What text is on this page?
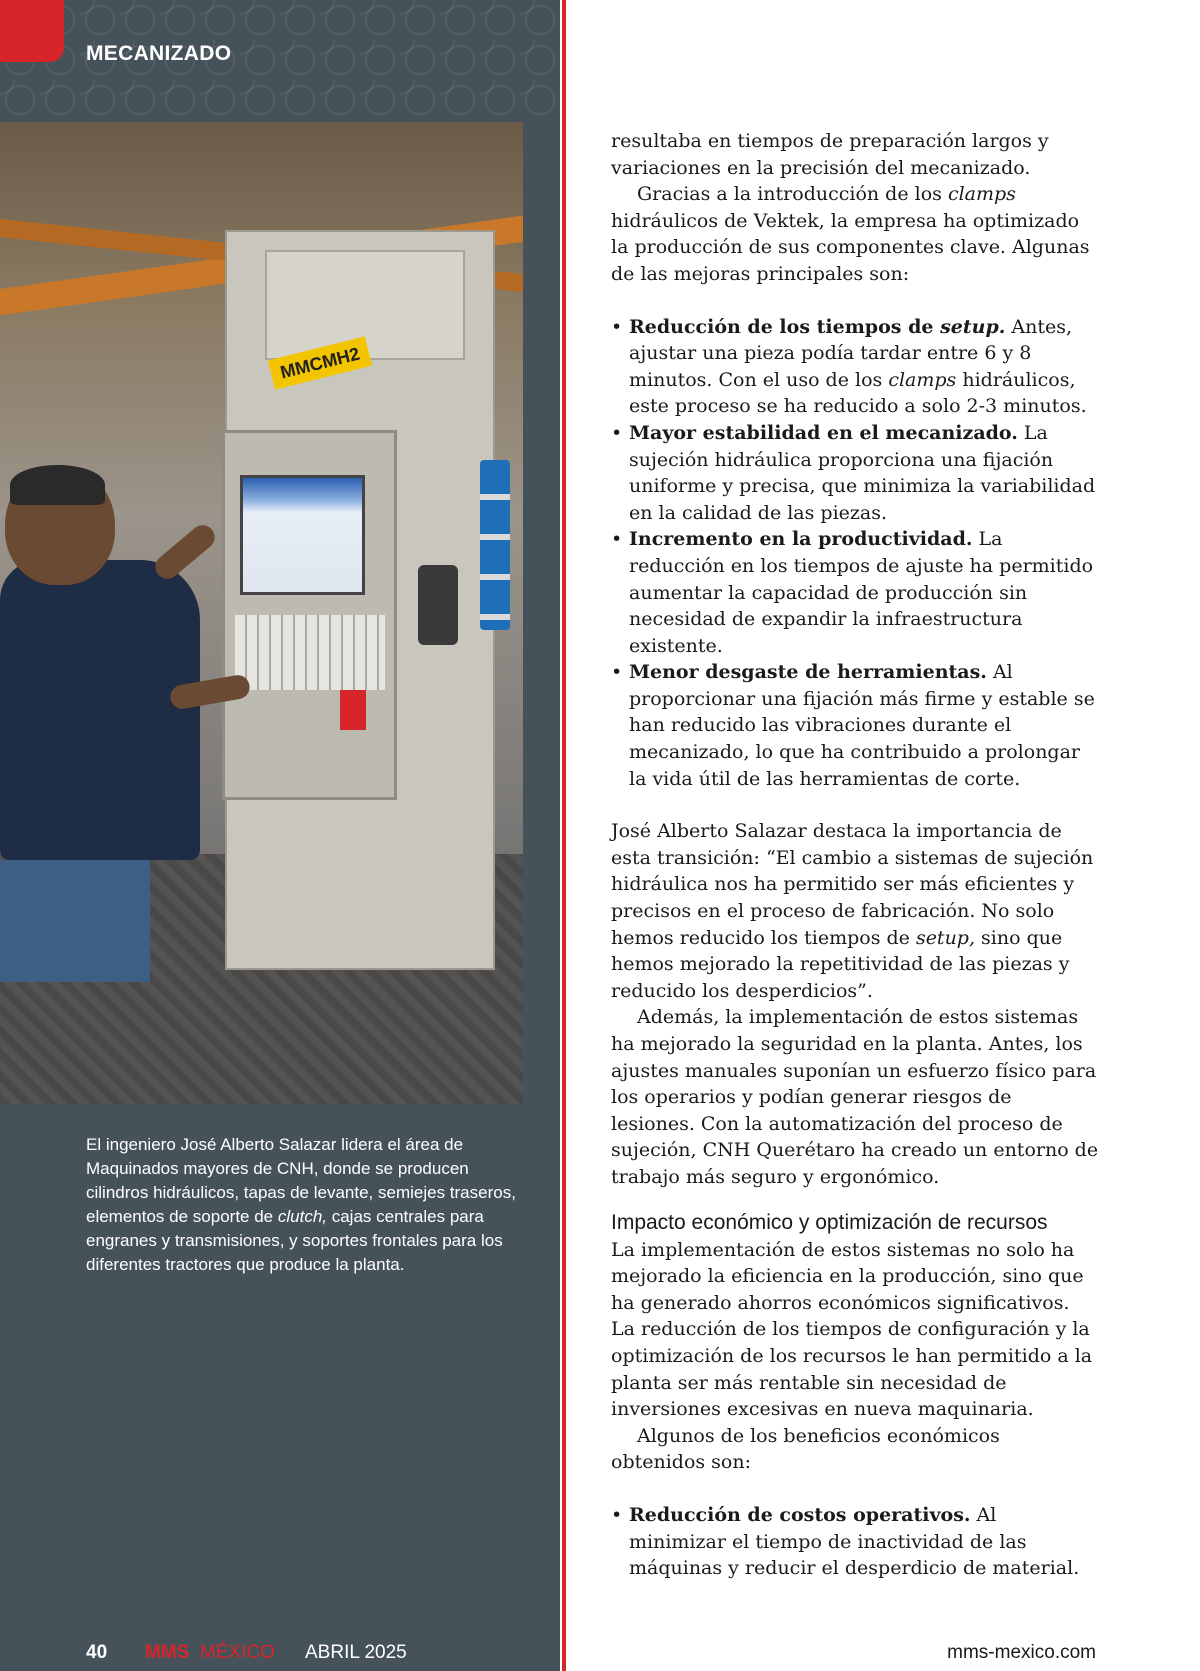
MECANIZADO
MMCMH2
El ingeniero José Alberto Salazar lidera el área de Maquinados mayores de CNH, donde se producen cilindros hidráulicos, tapas de levante, semiejes traseros, elementos de soporte de clutch, cajas centrales para engranes y transmisiones, y soportes frontales para los diferentes tractores que produce la planta.

resultaba en tiempos de preparación largos y variaciones en la precisión del mecanizado.

Gracias a la introducción de los clamps hidráulicos de Vektek, la empresa ha optimizado la producción de sus componentes clave. Algunas de las mejoras principales son:

• Reducción de los tiempos de setup. Antes, ajustar una pieza podía tardar entre 6 y 8 minutos. Con el uso de los clamps hidráulicos, este proceso se ha reducido a solo 2-3 minutos.
• Mayor estabilidad en el mecanizado. La sujeción hidráulica proporciona una fijación uniforme y precisa, que minimiza la variabilidad en la calidad de las piezas.
• Incremento en la productividad. La reducción en los tiempos de ajuste ha permitido aumentar la capacidad de producción sin necesidad de expandir la infraestructura existente.
• Menor desgaste de herramientas. Al proporcionar una fijación más firme y estable se han reducido las vibraciones durante el mecanizado, lo que ha contribuido a prolongar la vida útil de las herramientas de corte.

José Alberto Salazar destaca la importancia de esta transición: “El cambio a sistemas de sujeción hidráulica nos ha permitido ser más eficientes y precisos en el proceso de fabricación. No solo hemos reducido los tiempos de setup, sino que hemos mejorado la repetitividad de las piezas y reducido los desperdicios”.

Además, la implementación de estos sistemas ha mejorado la seguridad en la planta. Antes, los ajustes manuales suponían un esfuerzo físico para los operarios y podían generar riesgos de lesiones. Con la automatización del proceso de sujeción, CNH Querétaro ha creado un entorno de trabajo más seguro y ergonómico.

Impacto económico y optimización de recursos

La implementación de estos sistemas no solo ha mejorado la eficiencia en la producción, sino que ha generado ahorros económicos significativos. La reducción de los tiempos de configuración y la optimización de los recursos le han permitido a la planta ser más rentable sin necesidad de inversiones excesivas en nueva maquinaria.

Algunos de los beneficios económicos obtenidos son:

• Reducción de costos operativos. Al minimizar el tiempo de inactividad de las máquinas y reducir el desperdicio de material.
40 MMS MÉXICO ABRIL 2025	mms-mexico.com
